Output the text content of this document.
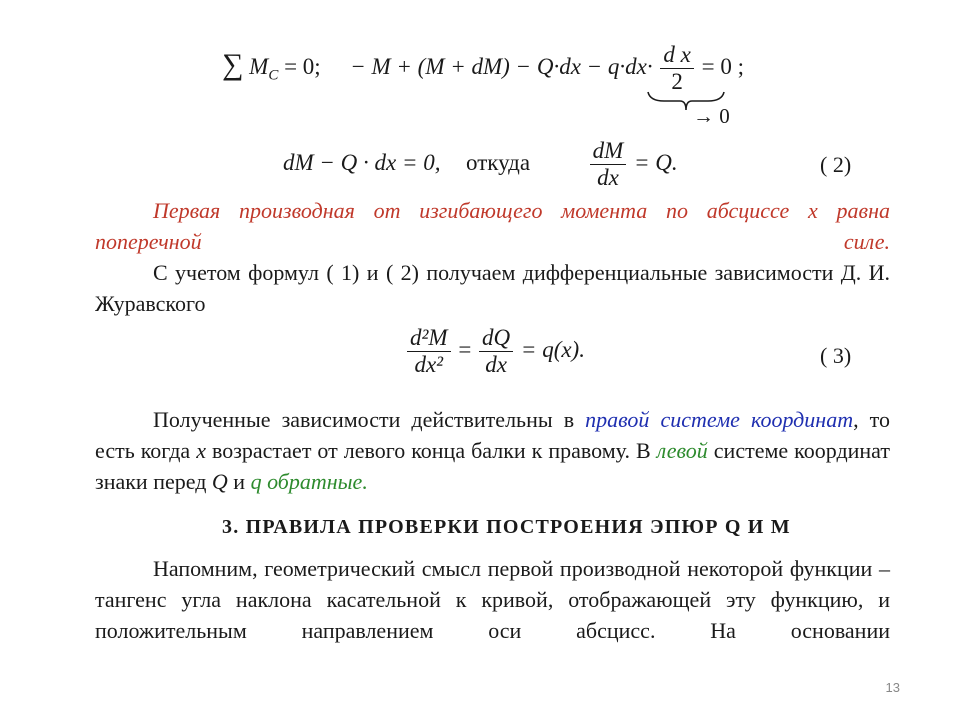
∑ $M_C = 0$; − $M + (M + dM) - Q\cdot dx - q\cdot dx\cdot \frac{\text{d x}}{2} = 0$ ;
→ 0
dM − Q · dx = 0, откуда	$\frac{dM}{dx} = Q$.	( 2)
Первая производная от изгибающего момента по абсциссе x равна поперечной силе.
С учетом формул ( 1) и ( 2) получаем дифференциальные зависимости Д. И. Журавского
$\frac{\text{d²M}}{\text{dx²}} = \frac{dQ}{dx} = q(x)$.	( 3)
Полученные зависимости действительны в правой системе координат, то есть когда x возрастает от левого конца балки к правому. В левой системе координат знаки перед Q и q обратные.
3. ПРАВИЛА ПРОВЕРКИ ПОСТРОЕНИЯ ЭПЮР Q И M
Напомним, геометрический смысл первой производной некоторой функции – тангенс угла наклона касательной к кривой, отображающей эту функцию, и положительным направлением оси абсцисс. На основании
13
